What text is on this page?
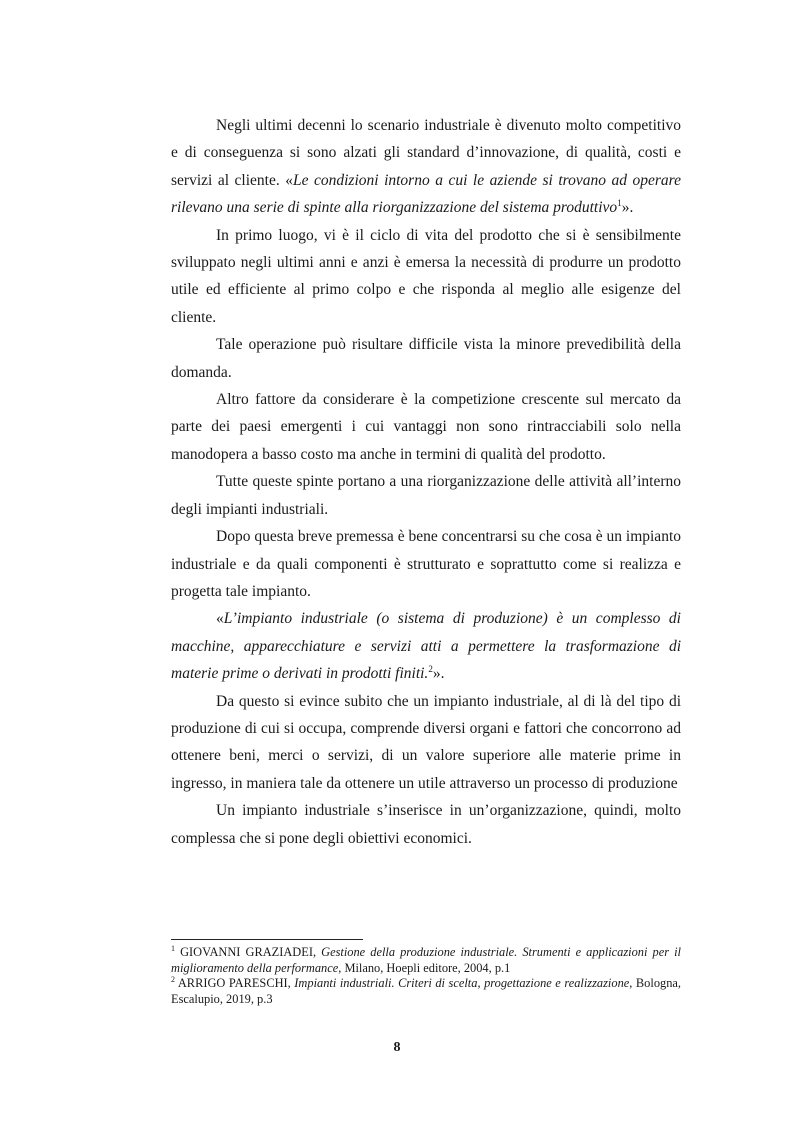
Negli ultimi decenni lo scenario industriale è divenuto molto competitivo e di conseguenza si sono alzati gli standard d’innovazione, di qualità, costi e servizi al cliente. «Le condizioni intorno a cui le aziende si trovano ad operare rilevano una serie di spinte alla riorganizzazione del sistema produttivo$^1$».

In primo luogo, vi è il ciclo di vita del prodotto che si è sensibilmente sviluppato negli ultimi anni e anzi è emersa la necessità di produrre un prodotto utile ed efficiente al primo colpo e che risponda al meglio alle esigenze del cliente.

Tale operazione può risultare difficile vista la minore prevedibilità della domanda.

Altro fattore da considerare è la competizione crescente sul mercato da parte dei paesi emergenti i cui vantaggi non sono rintracciabili solo nella manodopera a basso costo ma anche in termini di qualità del prodotto.

Tutte queste spinte portano a una riorganizzazione delle attività all’interno degli impianti industriali.

Dopo questa breve premessa è bene concentrarsi su che cosa è un impianto industriale e da quali componenti è strutturato e soprattutto come si realizza e progetta tale impianto.

«L’impianto industriale (o sistema di produzione) è un complesso di macchine, apparecchiature e servizi atti a permettere la trasformazione di materie prime o derivati in prodotti finiti.$^2$».

Da questo si evince subito che un impianto industriale, al di là del tipo di produzione di cui si occupa, comprende diversi organi e fattori che concorrono ad ottenere beni, merci o servizi, di un valore superiore alle materie prime in ingresso, in maniera tale da ottenere un utile attraverso un processo di produzione

Un impianto industriale s’inserisce in un’organizzazione, quindi, molto complessa che si pone degli obiettivi economici.

$^1$ GIOVANNI GRAZIADEI, Gestione della produzione industriale. Strumenti e applicazioni per il miglioramento della performance, Milano, Hoepli editore, 2004, p.1

$^2$ ARRIGO PARESCHI, Impianti industriali. Criteri di scelta, progettazione e realizzazione, Bologna, Escalupio, 2019, p.3

8
